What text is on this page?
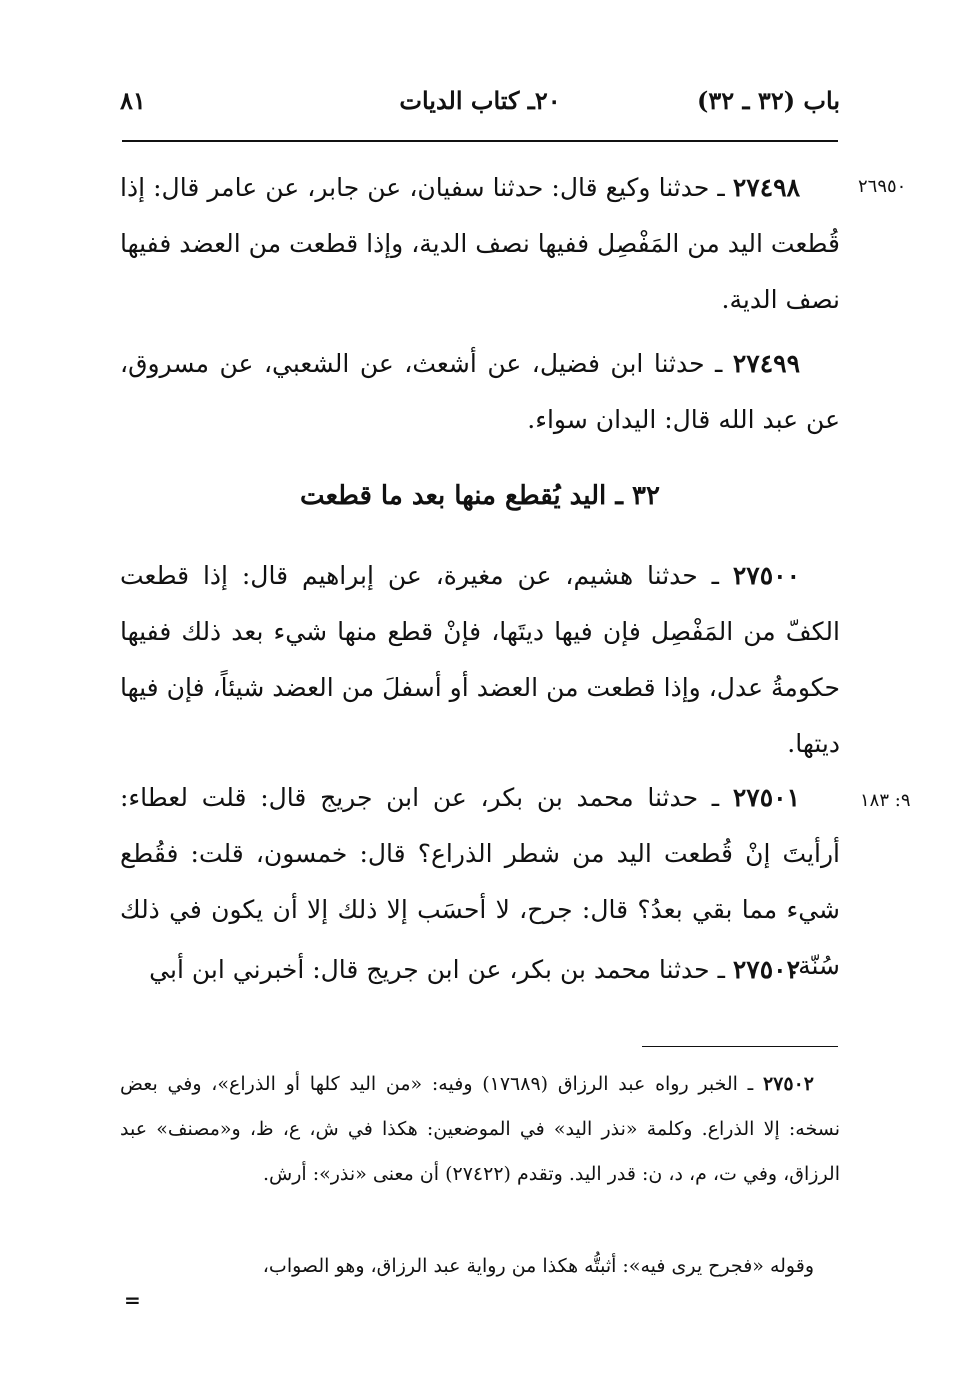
باب (٣٢ ـ ٣٢)
٢٠ـ كتاب الديات
٨١
٢٦٩٥٠
٩: ١٨٣
٢٧٤٩٨ ـ حدثنا وكيع قال: حدثنا سفيان، عن جابر، عن عامر قال: إذا قُطعت اليد من المَفْصِل ففيها نصف الدية، وإذا قطعت من العضد ففيها نصف الدية.
٢٧٤٩٩ ـ حدثنا ابن فضيل، عن أشعث، عن الشعبي، عن مسروق، عن عبد الله قال: اليدان سواء.
٣٢ ـ اليد يُقطع منها بعد ما قطعت
٢٧٥٠٠ ـ حدثنا هشيم، عن مغيرة، عن إبراهيم قال: إذا قطعت الكفّ من المَفْصِل فإن فيها ديتَها، فإنْ قطع منها شيء بعد ذلك ففيها حكومةُ عدل، وإذا قطعت من العضد أو أسفلَ من العضد شيئاً، فإن فيها ديتها.
٢٧٥٠١ ـ حدثنا محمد بن بكر، عن ابن جريج قال: قلت لعطاء: أرأيتَ إنْ قُطعت اليد من شطر الذراع؟ قال: خمسون، قلت: فقُطع شيء مما بقي بعدُ؟ قال: جرح، لا أحسَب إلا ذلك إلا أن يكون في ذلك سُنّة.
٢٧٥٠٢ ـ حدثنا محمد بن بكر، عن ابن جريج قال: أخبرني ابن أبي
٢٧٥٠٢ ـ الخبر رواه عبد الرزاق (١٧٦٨٩) وفيه: «من اليد كلها أو الذراع»، وفي بعض نسخه: إلا الذراع. وكلمة «نذر اليد» في الموضعين: هكذا في ش، ع، ظ، و«مصنف» عبد الرزاق، وفي ت، م، د، ن: قدر اليد. وتقدم (٢٧٤٢٢) أن معنى «نذر»: أرش.
وقوله «فجرح يرى فيه»: أثبتُّه هكذا من رواية عبد الرزاق، وهو الصواب،
=
